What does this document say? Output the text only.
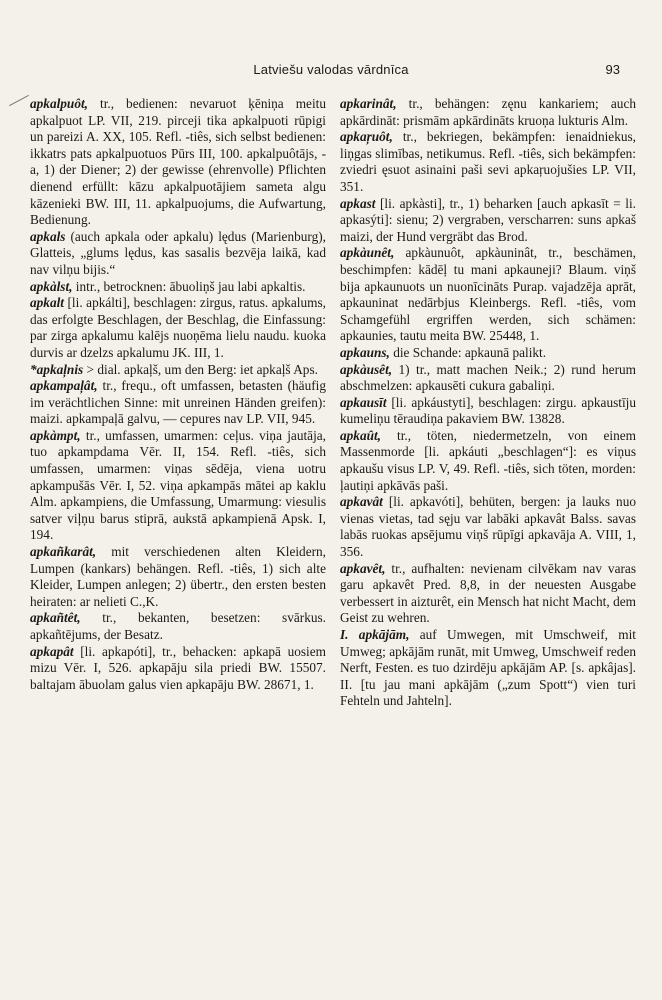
Latviešu valodas vārdnīca	93

apkalpuôt, tr., bedienen: nevaruot ķēniņa meitu apkalpuot LP. VII, 219. pirceji tika apkalpuoti rūpigi un pareizi A. XX, 105. Refl. -tiês, sich selbst bedienen: ikkatrs pats apkalpuotuos Pūrs III, 100. apkalpuôtājs, -a, 1) der Diener; 2) der gewisse (ehrenvolle) Pflichten dienend erfüllt: kāzu apkalpuotājiem sameta algu kāzenieki BW. III, 11. apkalpuojums, die Aufwartung, Bedienung.

apkals (auch apkala oder apkalu) lędus (Marienburg), Glatteis, „glums lędus, kas sasalis bezvēja laikā, kad nav vilņu bijis.“

apkàlst, intr., betrocknen: ābuoliņš jau labi apkaltis.

apkalt [li. apkálti], beschlagen: zirgus, ratus. apkalums, das erfolgte Beschlagen, der Beschlag, die Einfassung: par zirga apkalumu kalējs nuoņēma lielu naudu. kuoka durvis ar dzelzs apkalumu JK. III, 1.

*apkaļnis > dial. apkaļš, um den Berg: iet apkaļš Aps.

apkampaļât, tr., frequ., oft umfassen, betasten (häufig im verächtlichen Sinne: mit unreinen Händen greifen): maizi. apkampaļā galvu, — cepures nav LP. VII, 945.

apkàmpt, tr., umfassen, umarmen: ceļus. viņa jautāja, tuo apkampdama Vēr. II, 154. Refl. -tiês, sich umfassen, umarmen: viņas sēdēja, viena uotru apkampušās Vēr. I, 52. viņa apkampās mātei ap kaklu Alm. apkampiens, die Umfassung, Umarmung: viesulis satver viļņu barus stiprā, aukstā apkampienā Apsk. I, 194.

apkañkarât, mit verschiedenen alten Kleidern, Lumpen (kankars) behängen. Refl. -tiês, 1) sich alte Kleider, Lumpen anlegen; 2) übertr., den ersten besten heiraten: ar nelieti C.,K.

apkañtêt, tr., bekanten, besetzen: svārkus. apkañtējums, der Besatz.

apkapât [li. apkapóti], tr., behacken: apkapā uosiem mizu Vēr. I, 526. apkapāju sila priedi BW. 15507. baltajam ābuolam galus vien apkapāju BW. 28671, 1.

apkarinât, tr., behängen: zęnu kankariem; auch apkārdināt: prismām apkārdināts kruoņa lukturis Alm.

apkaŗuôt, tr., bekriegen, bekämpfen: ienaidniekus, liņgas slimības, netikumus. Refl. -tiês, sich bekämpfen: zviedri ęsuot asinaini paši sevi apkaŗuojušies LP. VII, 351.

apkast [li. apkàsti], tr., 1) beharken [auch apkasīt = li. apkasýti]: sienu; 2) vergraben, verscharren: suns apkaš maizi, der Hund vergräbt das Brod.

apkàunêt, apkàunuôt, apkàuninât, tr., beschämen, beschimpfen: kādēļ tu mani apkauneji? Blaum. viņš bija apkaunuots un nuonīcināts Purap. vajadzēja aprāt, apkauninat nedārbjus Kleinbergs. Refl. -tiês, vom Schamgefühl ergriffen werden, sich schämen: apkaunies, tautu meita BW. 25448, 1.

apkauns, die Schande: apkaunā palikt.

apkàusêt, 1) tr., matt machen Neik.; 2) rund herum abschmelzen: apkausēti cukura gabaliņi.

apkausīt [li. apkáustyti], beschlagen: zirgu. apkaustīju kumeliņu tēraudiņa pakaviem BW. 13828.

apkaût, tr., töten, niedermetzeln, von einem Massenmorde [li. apkáuti „beschlagen“]: es viņus apkaušu visus LP. V, 49. Refl. -tiês, sich töten, morden: ļautiņi apkāvās paši.

apkavât [li. apkavóti], behüten, bergen: ja lauks nuo vienas vietas, tad sęju var labāki apkavât Balss. savas labās ruokas apsējumu viņš rūpīgi apkavāja A. VIII, 1, 356.

apkavêt, tr., aufhalten: nevienam cilvēkam nav varas garu apkavêt Pred. 8,8, in der neuesten Ausgabe verbessert in aizturêt, ein Mensch hat nicht Macht, dem Geist zu wehren.

I. apkājām, auf Umwegen, mit Umschweif, mit Umweg; apkājām runāt, mit Umweg, Umschweif reden Nerft, Festen. es tuo dzirdēju apkājām AP. [s. apkâjas]. II. [tu jau mani apkājām („zum Spott“) vien turi Fehteln und Jahteln].
